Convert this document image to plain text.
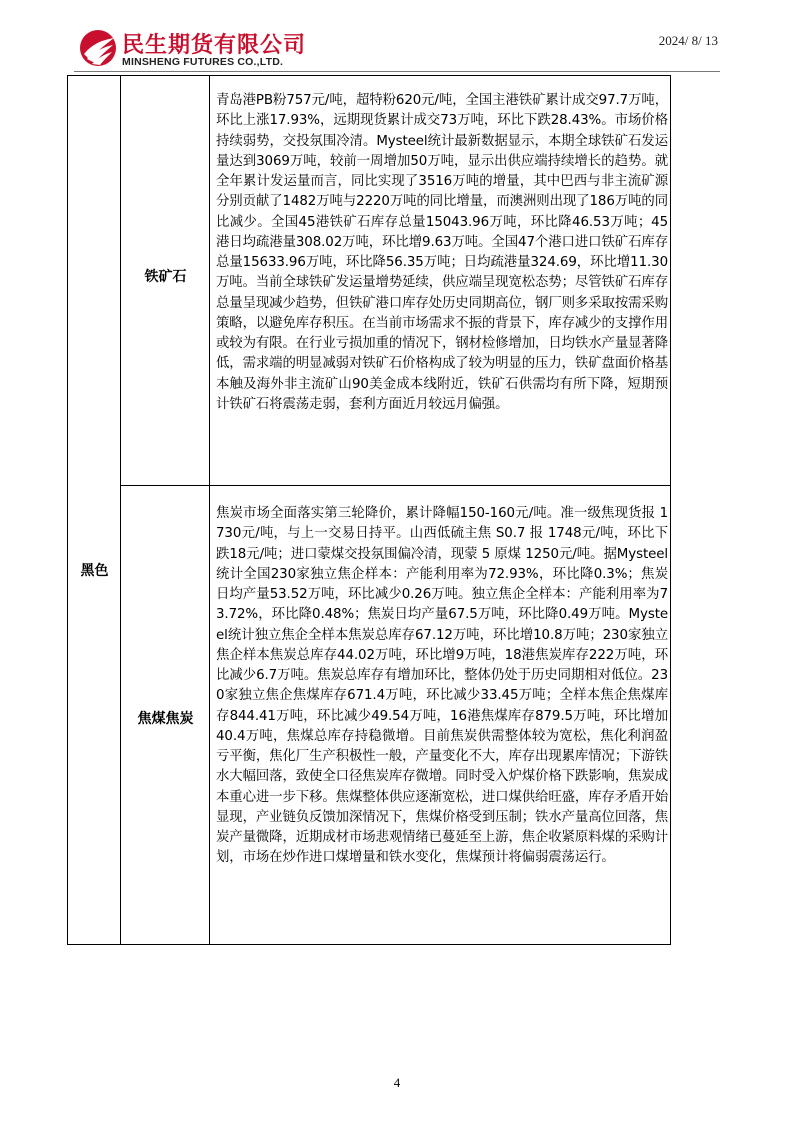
民生期货有限公司
MINSHENG FUTURES CO.,LTD.
2024/ 8/ 13
黑色
铁矿石
青岛港PB粉757元/吨，超特粉620元/吨，全国主港铁矿累计成交97.7万吨，环比上涨17.93%，远期现货累计成交73万吨，环比下跌28.43%。市场价格持续弱势，交投氛围冷清。Mysteel统计最新数据显示，本期全球铁矿石发运量达到3069万吨，较前一周增加50万吨，显示出供应端持续增长的趋势。就全年累计发运量而言，同比实现了3516万吨的增量，其中巴西与非主流矿源分别贡献了1482万吨与2220万吨的同比增量，而澳洲则出现了186万吨的同比减少。全国45港铁矿石库存总量15043.96万吨，环比降46.53万吨；45港日均疏港量308.02万吨，环比增9.63万吨。全国47个港口进口铁矿石库存总量15633.96万吨，环比降56.35万吨；日均疏港量324.69，环比增11.30万吨。当前全球铁矿发运量增势延续，供应端呈现宽松态势；尽管铁矿石库存总量呈现减少趋势，但铁矿港口库存处历史同期高位，钢厂则多采取按需采购策略，以避免库存积压。在当前市场需求不振的背景下，库存减少的支撑作用或较为有限。在行业亏损加重的情况下，钢材检修增加，日均铁水产量显著降低，需求端的明显减弱对铁矿石价格构成了较为明显的压力，铁矿盘面价格基本触及海外非主流矿山90美金成本线附近，铁矿石供需均有所下降，短期预计铁矿石将震荡走弱，套利方面近月较远月偏强。
焦煤焦炭
焦炭市场全面落实第三轮降价，累计降幅150-160元/吨。准一级焦现货报 1730元/吨，与上一交易日持平。山西低硫主焦 S0.7 报 1748元/吨，环比下跌18元/吨；进口蒙煤交投氛围偏冷清，现蒙 5 原煤 1250元/吨。据Mysteel统计全国230家独立焦企样本：产能利用率为72.93%，环比降0.3%；焦炭日均产量53.52万吨，环比减少0.26万吨。独立焦企全样本：产能利用率为73.72%，环比降0.48%；焦炭日均产量67.5万吨，环比降0.49万吨。Mysteel统计独立焦企全样本焦炭总库存67.12万吨，环比增10.8万吨；230家独立焦企样本焦炭总库存44.02万吨，环比增9万吨，18港焦炭库存222万吨，环比减少6.7万吨。焦炭总库存有增加环比，整体仍处于历史同期相对低位。230家独立焦企焦煤库存671.4万吨，环比减少33.45万吨；全样本焦企焦煤库存844.41万吨，环比减少49.54万吨，16港焦煤库存879.5万吨，环比增加40.4万吨，焦煤总库存持稳微增。目前焦炭供需整体较为宽松，焦化利润盈亏平衡，焦化厂生产积极性一般，产量变化不大，库存出现累库情况；下游铁水大幅回落，致使全口径焦炭库存微增。同时受入炉煤价格下跌影响，焦炭成本重心进一步下移。焦煤整体供应逐渐宽松，进口煤供给旺盛，库存矛盾开始显现，产业链负反馈加深情况下，焦煤价格受到压制；铁水产量高位回落，焦炭产量微降，近期成材市场悲观情绪已蔓延至上游，焦企收紧原料煤的采购计划，市场在炒作进口煤增量和铁水变化，焦煤预计将偏弱震荡运行。
4
